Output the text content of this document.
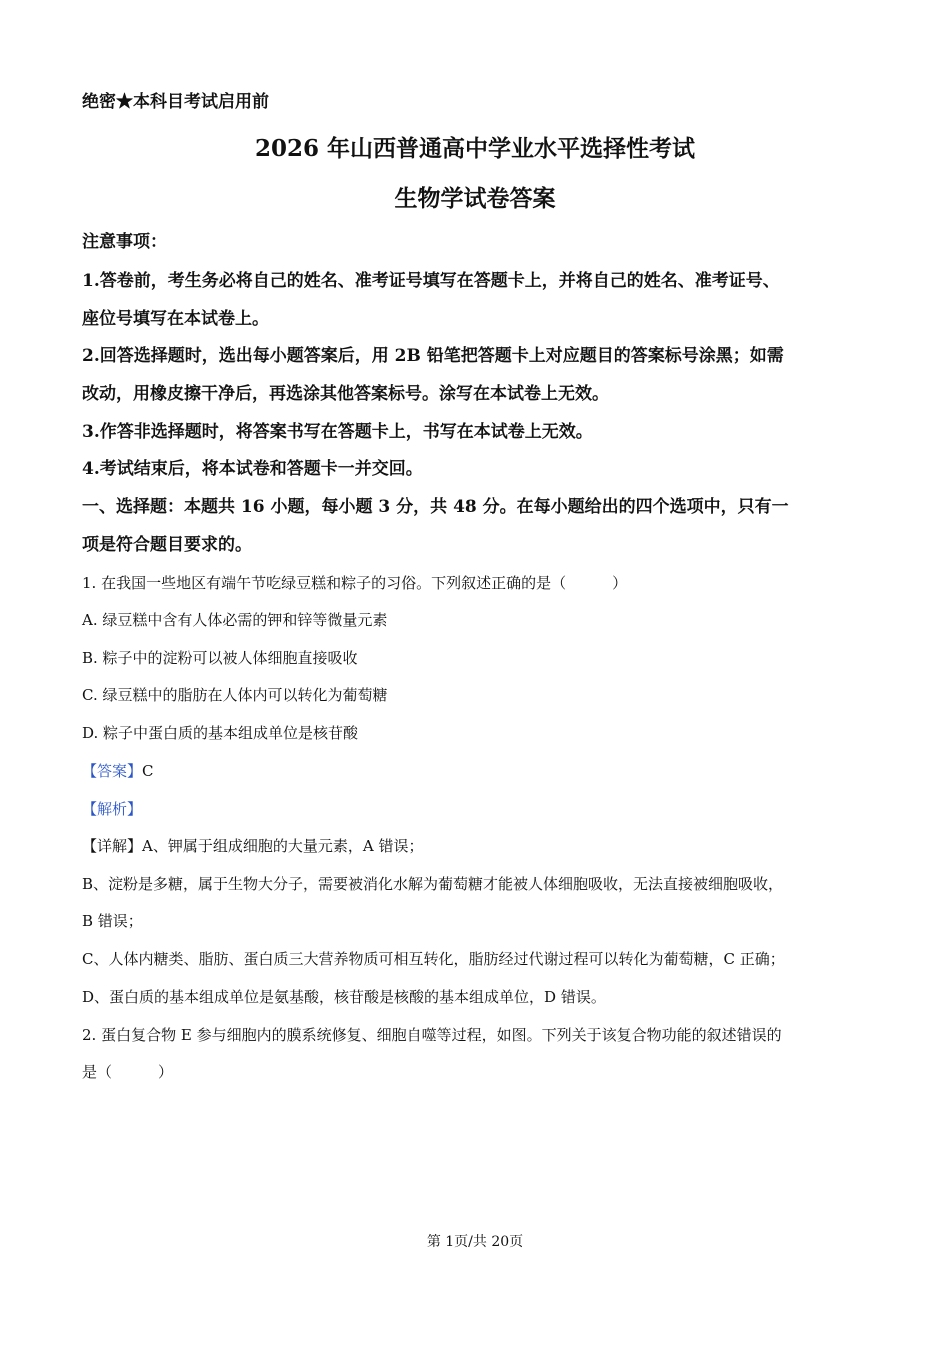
绝密★本科目考试启用前
2026 年山西普通高中学业水平选择性考试
生物学试卷答案
注意事项：
1.答卷前，考生务必将自己的姓名、准考证号填写在答题卡上，并将自己的姓名、准考证号、
座位号填写在本试卷上。
2.回答选择题时，选出每小题答案后，用 2B 铅笔把答题卡上对应题目的答案标号涂黑；如需
改动，用橡皮擦干净后，再选涂其他答案标号。涂写在本试卷上无效。
3.作答非选择题时，将答案书写在答题卡上，书写在本试卷上无效。
4.考试结束后，将本试卷和答题卡一并交回。
一、选择题：本题共 16 小题，每小题 3 分，共 48 分。在每小题给出的四个选项中，只有一
项是符合题目要求的。
1. 在我国一些地区有端午节吃绿豆糕和粽子的习俗。下列叙述正确的是（	）
A. 绿豆糕中含有人体必需的钾和锌等微量元素
B. 粽子中的淀粉可以被人体细胞直接吸收
C. 绿豆糕中的脂肪在人体内可以转化为葡萄糖
D. 粽子中蛋白质的基本组成单位是核苷酸
【答案】C
【解析】
【详解】A、钾属于组成细胞的大量元素，A 错误；
B、淀粉是多糖，属于生物大分子，需要被消化水解为葡萄糖才能被人体细胞吸收，无法直接被细胞吸收，
B 错误；
C、人体内糖类、脂肪、蛋白质三大营养物质可相互转化，脂肪经过代谢过程可以转化为葡萄糖，C 正确；
D、蛋白质的基本组成单位是氨基酸，核苷酸是核酸的基本组成单位，D 错误。
2. 蛋白复合物 E 参与细胞内的膜系统修复、细胞自噬等过程，如图。下列关于该复合物功能的叙述错误的
是（	）
第 1页/共 20页
